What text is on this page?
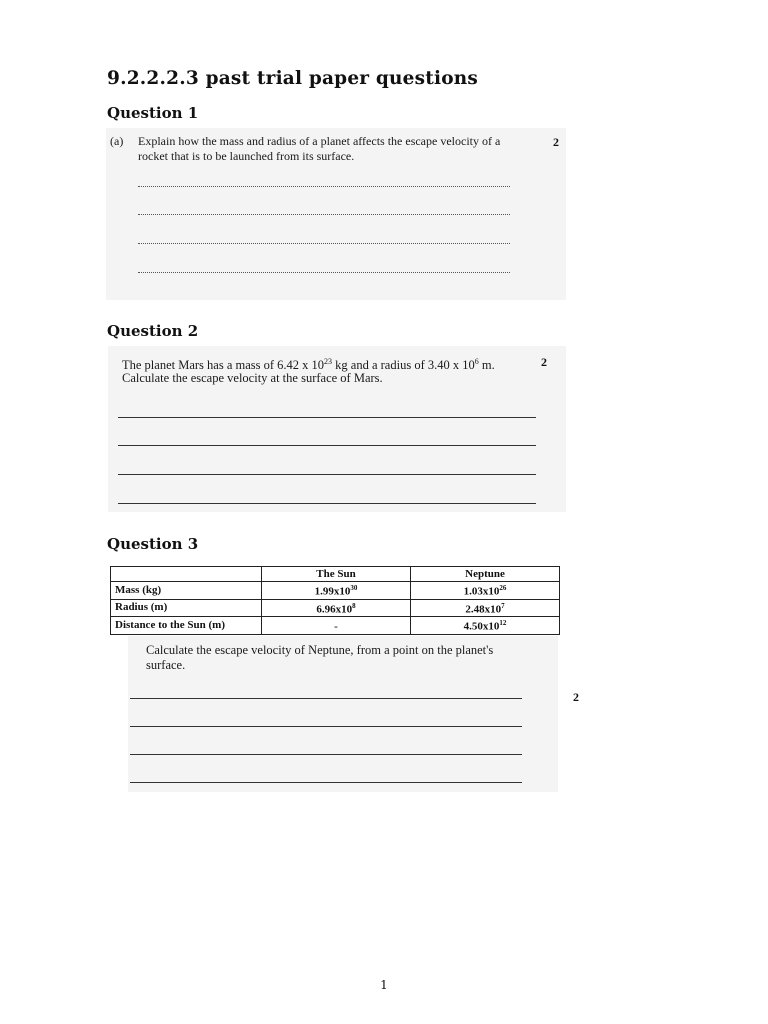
9.2.2.2.3 past trial paper questions
Question 1
(a) Explain how the mass and radius of a planet affects the escape velocity of a rocket that is to be launched from its surface.
2
Question 2
The planet Mars has a mass of 6.42 x $10^{23}$ kg and a radius of 3.40 x $10^6$ m.
Calculate the escape velocity at the surface of Mars.
2
Question 3
	The Sun	Neptune
Mass (kg)	$1.99x10^{30}$	$1.03x10^{26}$
Radius (m)	$6.96x10^8$	$2.48x10^7$
Distance to the Sun (m)	-	$4.50x10^{12}$
Calculate the escape velocity of Neptune, from a point on the planet's surface.
2
1
